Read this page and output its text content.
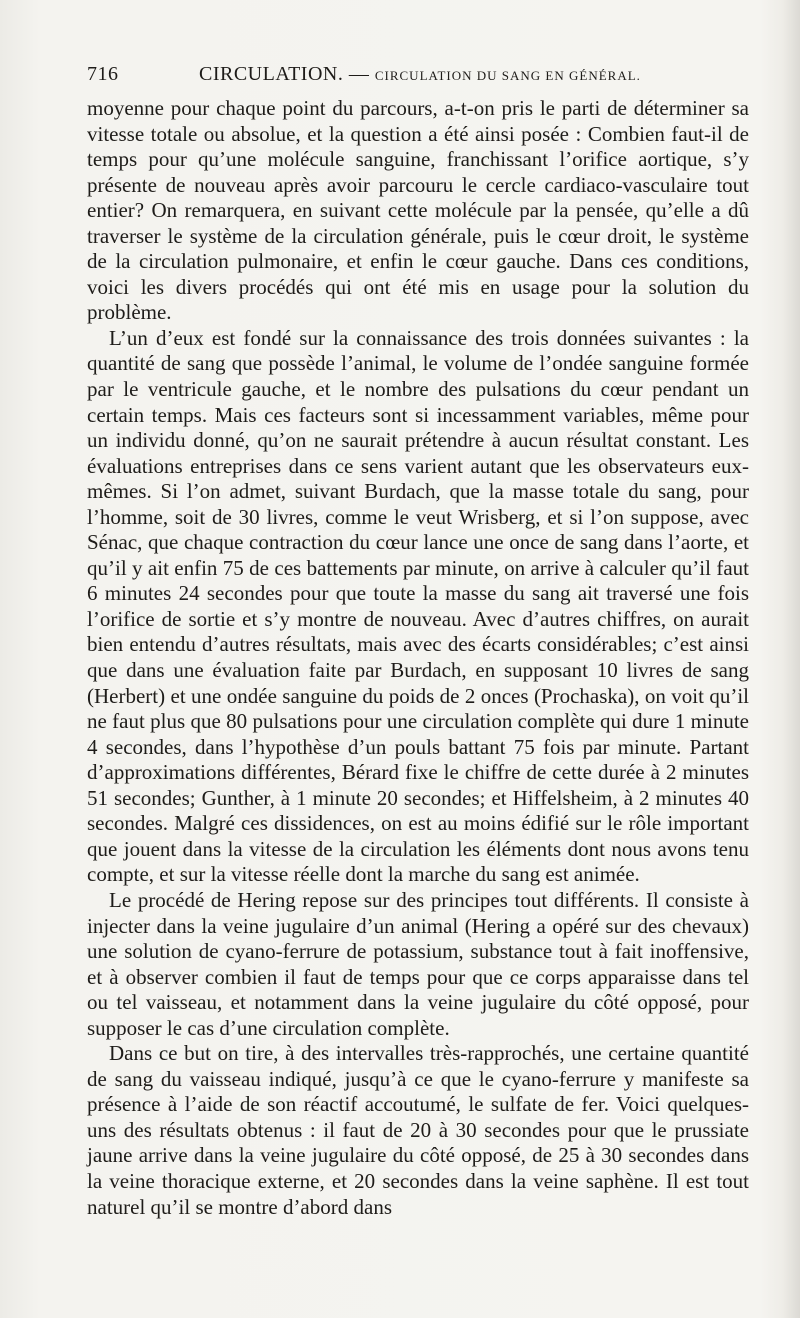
716	CIRCULATION. — CIRCULATION DU SANG EN GÉNÉRAL.

moyenne pour chaque point du parcours, a-t-on pris le parti de déterminer sa vitesse totale ou absolue, et la question a été ainsi posée : Combien faut-il de temps pour qu’une molécule sanguine, franchissant l’orifice aortique, s’y présente de nouveau après avoir parcouru le cercle cardiaco-vasculaire tout entier? On remarquera, en suivant cette molécule par la pensée, qu’elle a dû traverser le système de la circulation générale, puis le cœur droit, le système de la circulation pulmonaire, et enfin le cœur gauche. Dans ces conditions, voici les divers procédés qui ont été mis en usage pour la solution du problème.

L’un d’eux est fondé sur la connaissance des trois données suivantes : la quantité de sang que possède l’animal, le volume de l’ondée sanguine formée par le ventricule gauche, et le nombre des pulsations du cœur pendant un certain temps. Mais ces facteurs sont si incessamment variables, même pour un individu donné, qu’on ne saurait prétendre à aucun résultat constant. Les évaluations entreprises dans ce sens varient autant que les observateurs eux-mêmes. Si l’on admet, suivant Burdach, que la masse totale du sang, pour l’homme, soit de 30 livres, comme le veut Wrisberg, et si l’on suppose, avec Sénac, que chaque contraction du cœur lance une once de sang dans l’aorte, et qu’il y ait enfin 75 de ces battements par minute, on arrive à calculer qu’il faut 6 minutes 24 secondes pour que toute la masse du sang ait traversé une fois l’orifice de sortie et s’y montre de nouveau. Avec d’autres chiffres, on aurait bien entendu d’autres résultats, mais avec des écarts considérables; c’est ainsi que dans une évaluation faite par Burdach, en supposant 10 livres de sang (Herbert) et une ondée sanguine du poids de 2 onces (Prochaska), on voit qu’il ne faut plus que 80 pulsations pour une circulation complète qui dure 1 minute 4 secondes, dans l’hypothèse d’un pouls battant 75 fois par minute. Partant d’approximations différentes, Bérard fixe le chiffre de cette durée à 2 minutes 51 secondes; Gunther, à 1 minute 20 secondes; et Hiffelsheim, à 2 minutes 40 secondes. Malgré ces dissidences, on est au moins édifié sur le rôle important que jouent dans la vitesse de la circulation les éléments dont nous avons tenu compte, et sur la vitesse réelle dont la marche du sang est animée.

Le procédé de Hering repose sur des principes tout différents. Il consiste à injecter dans la veine jugulaire d’un animal (Hering a opéré sur des chevaux) une solution de cyano-ferrure de potassium, substance tout à fait inoffensive, et à observer combien il faut de temps pour que ce corps apparaisse dans tel ou tel vaisseau, et notamment dans la veine jugulaire du côté opposé, pour supposer le cas d’une circulation complète.

Dans ce but on tire, à des intervalles très-rapprochés, une certaine quantité de sang du vaisseau indiqué, jusqu’à ce que le cyano-ferrure y manifeste sa présence à l’aide de son réactif accoutumé, le sulfate de fer. Voici quelques-uns des résultats obtenus : il faut de 20 à 30 secondes pour que le prussiate jaune arrive dans la veine jugulaire du côté opposé, de 25 à 30 secondes dans la veine thoracique externe, et 20 secondes dans la veine saphène. Il est tout naturel qu’il se montre d’abord dans
